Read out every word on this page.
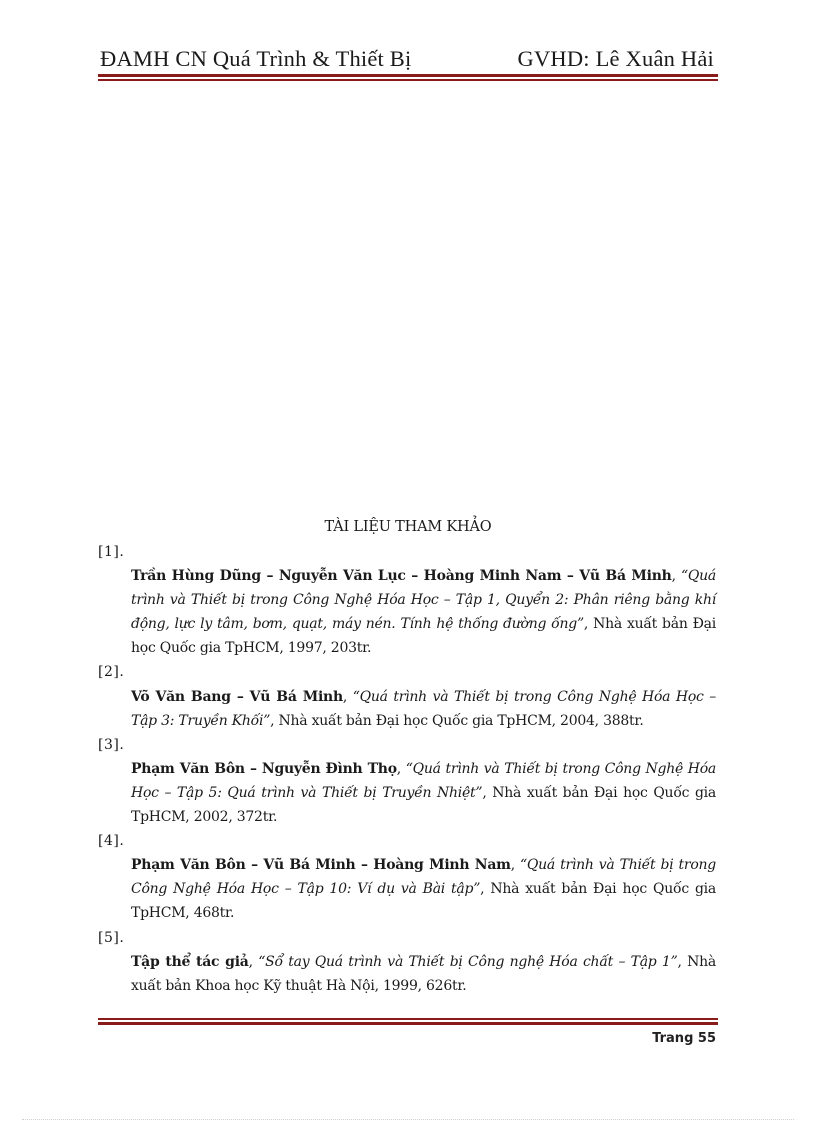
ĐAMH CN Quá Trình & Thiết Bị	GVHD: Lê Xuân Hải
TÀI LIỆU THAM KHẢO
[1].
Trần Hùng Dũng – Nguyễn Văn Lục – Hoàng Minh Nam – Vũ Bá Minh, “Quá trình và Thiết bị trong Công Nghệ Hóa Học – Tập 1, Quyển 2: Phân riêng bằng khí động, lực ly tâm, bơm, quạt, máy nén. Tính hệ thống đường ống”, Nhà xuất bản Đại học Quốc gia TpHCM, 1997, 203tr.
[2].
Võ Văn Bang – Vũ Bá Minh, “Quá trình và Thiết bị trong Công Nghệ Hóa Học – Tập 3: Truyền Khối”, Nhà xuất bản Đại học Quốc gia TpHCM, 2004, 388tr.
[3].
Phạm Văn Bôn – Nguyễn Đình Thọ, “Quá trình và Thiết bị trong Công Nghệ Hóa Học – Tập 5: Quá trình và Thiết bị Truyền Nhiệt”, Nhà xuất bản Đại học Quốc gia TpHCM, 2002, 372tr.
[4].
Phạm Văn Bôn – Vũ Bá Minh – Hoàng Minh Nam, “Quá trình và Thiết bị trong Công Nghệ Hóa Học – Tập 10: Ví dụ và Bài tập”, Nhà xuất bản Đại học Quốc gia TpHCM, 468tr.
[5].
Tập thể tác giả, “Sổ tay Quá trình và Thiết bị Công nghệ Hóa chất – Tập 1”, Nhà xuất bản Khoa học Kỹ thuật Hà Nội, 1999, 626tr.
Trang 55
